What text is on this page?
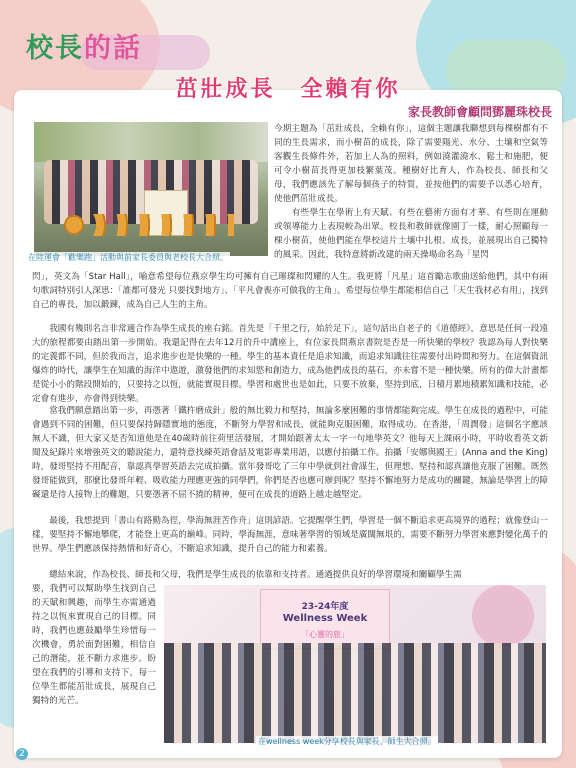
校長的話
茁壯成長　全賴有你
家長教師會顧問鄧麗珠校長
在陸運會「歡樂跑」活動與前家長委員與老校長大合照。

今期主題為「茁壯成長，全賴有你」，這個主題讓我聯想到每棵樹都有不同的生長需求，而小樹苗的成長，除了需要陽光、水分、土壤和空氣等客觀生長條件外，若加上人為的照料，例如澆灌澆水、鬆土和施肥，便可令小樹苗長得更加枝繁葉茂。種樹好比育人，作為校長、師長和父母，我們應該先了解每個孩子的特質，並按他們的需要予以悉心培育，使他們茁壯成長。
　　有些學生在學術上有天賦、有些在藝術方面有才華、有些則在運動或領導能力上表現較為出眾。校長和教師就像園丁一樣，耐心照顧每一棵小樹苗，使他們能在學校這片土壤中扎根、成長，並展現出自己獨特的風采。因此，我特意將新改建的兩天操場命名為「星閃

閃」，英文為「Star Hall」，喻意希望每位燕京學生均可擁有自己璀璨和閃耀的人生。我更將「凡星」這首勵志歌曲送給他們，其中有兩句歌詞特別引人深思：「誰都可發光 只要找對地方」、「平凡會喪亦可做我的主角」。希望每位學生都能相信自己「天生我材必有用」，找到自己的專長，加以鍛鍊，成為自己人生的主角。

　　我國有幾則名言非常適合作為學生成長的座右銘。首先是「千里之行，始於足下」，這句話出自老子的《道德經》，意思是任何一段遠大的旅程都要由踏出第一步開始。我還記得在去年12月的升中講座上，有位家長問燕京書院是否是一所快樂的學校？我認為每人對快樂的定義都不同，但於我而言，追求進步也是快樂的一種。學生的基本責任是追求知識，而追求知識往往需要付出時間和努力。在這個資訊爆炸的時代，讓學生在知識的海洋中遨遊，激發他們的求知慾和創造力，成為他們成長的基石，亦未嘗不是一種快樂。所有的偉大計畫都是從小小的階段開始的，只要持之以恆，就能實現目標。學習和處世也是如此，只要不放棄，堅持到底，日積月累地積累知識和技能，必定會有進步，亦會得到快樂。

　　當我們願意踏出第一步，再憑著「鐵杵磨成針」般的無比毅力和堅持，無論多麼困難的事情都能夠完成。學生在成長的過程中，可能會遇到不同的困難，但只要保持歸隱實地的態度，不斷努力學習和成長，就能夠克服困難，取得成功。在香港，「周潤發」這個名字應該無人不識，但大家又是否知道他是在40歲時前往荷里活發展，才開始跟著太太一字一句地學英文？他每天上課兩小時，平時收看英文新聞及紀錄片來增強英文的聽說能力，還特意找練英語會話及電影專業用語，以應付拍攝工作。拍攝「安娜與國王」(Anna and the King) 時，發哥堅持不用配音，靠認真學習英語去完成拍攝。當年發哥吃了三年中學就到社會謀生，但理想、堅持和認真讓他克服了困難。既然發哥能做到，那麼比發哥年輕、吸收能力理應更強的同學們，你們是否也應可辦到呢？堅持不懈地努力是成功的關鍵，無論是學習上的障礙還是待人接物上的難題，只要憑著不屈不撓的精神，便可在成長的道路上越走越堅定。

　　最後，我想提到「書山有路勤為徑，學海無涯苦作舟」這則諺語。它提醒學生們，學習是一個不斷追求更高境界的過程；就像登山一樣，要堅持不懈地攀爬，才能登上更高的巔峰。同時，學海無涯，意味著學習的領域是廣闊無垠的，需要不斷努力學習來應對變化萬千的世界。學生們應該保持熱情和好奇心，不斷追求知識，提升自己的能力和素養。

　　總結來說，作為校長、師長和父母，我們是學生成長的依靠和支持者。通過提供良好的學習環境和關顧學生需

要，我們可以幫助學生找到自己的天賦和興趣，而學生亦需通過持之以恆來實現自己的目標。同時，我們也應鼓勵學生珍惜每一次機會，勇於面對困難，相信自己的潛能，並不斷力求進步。盼望在我們的引導和支持下，每一位學生都能茁壯成長，展現自己獨特的光芒。

23-24年度
Wellness Week
「心靈的旅」
在wellness week分享校長與家長，師生大合照。
2
